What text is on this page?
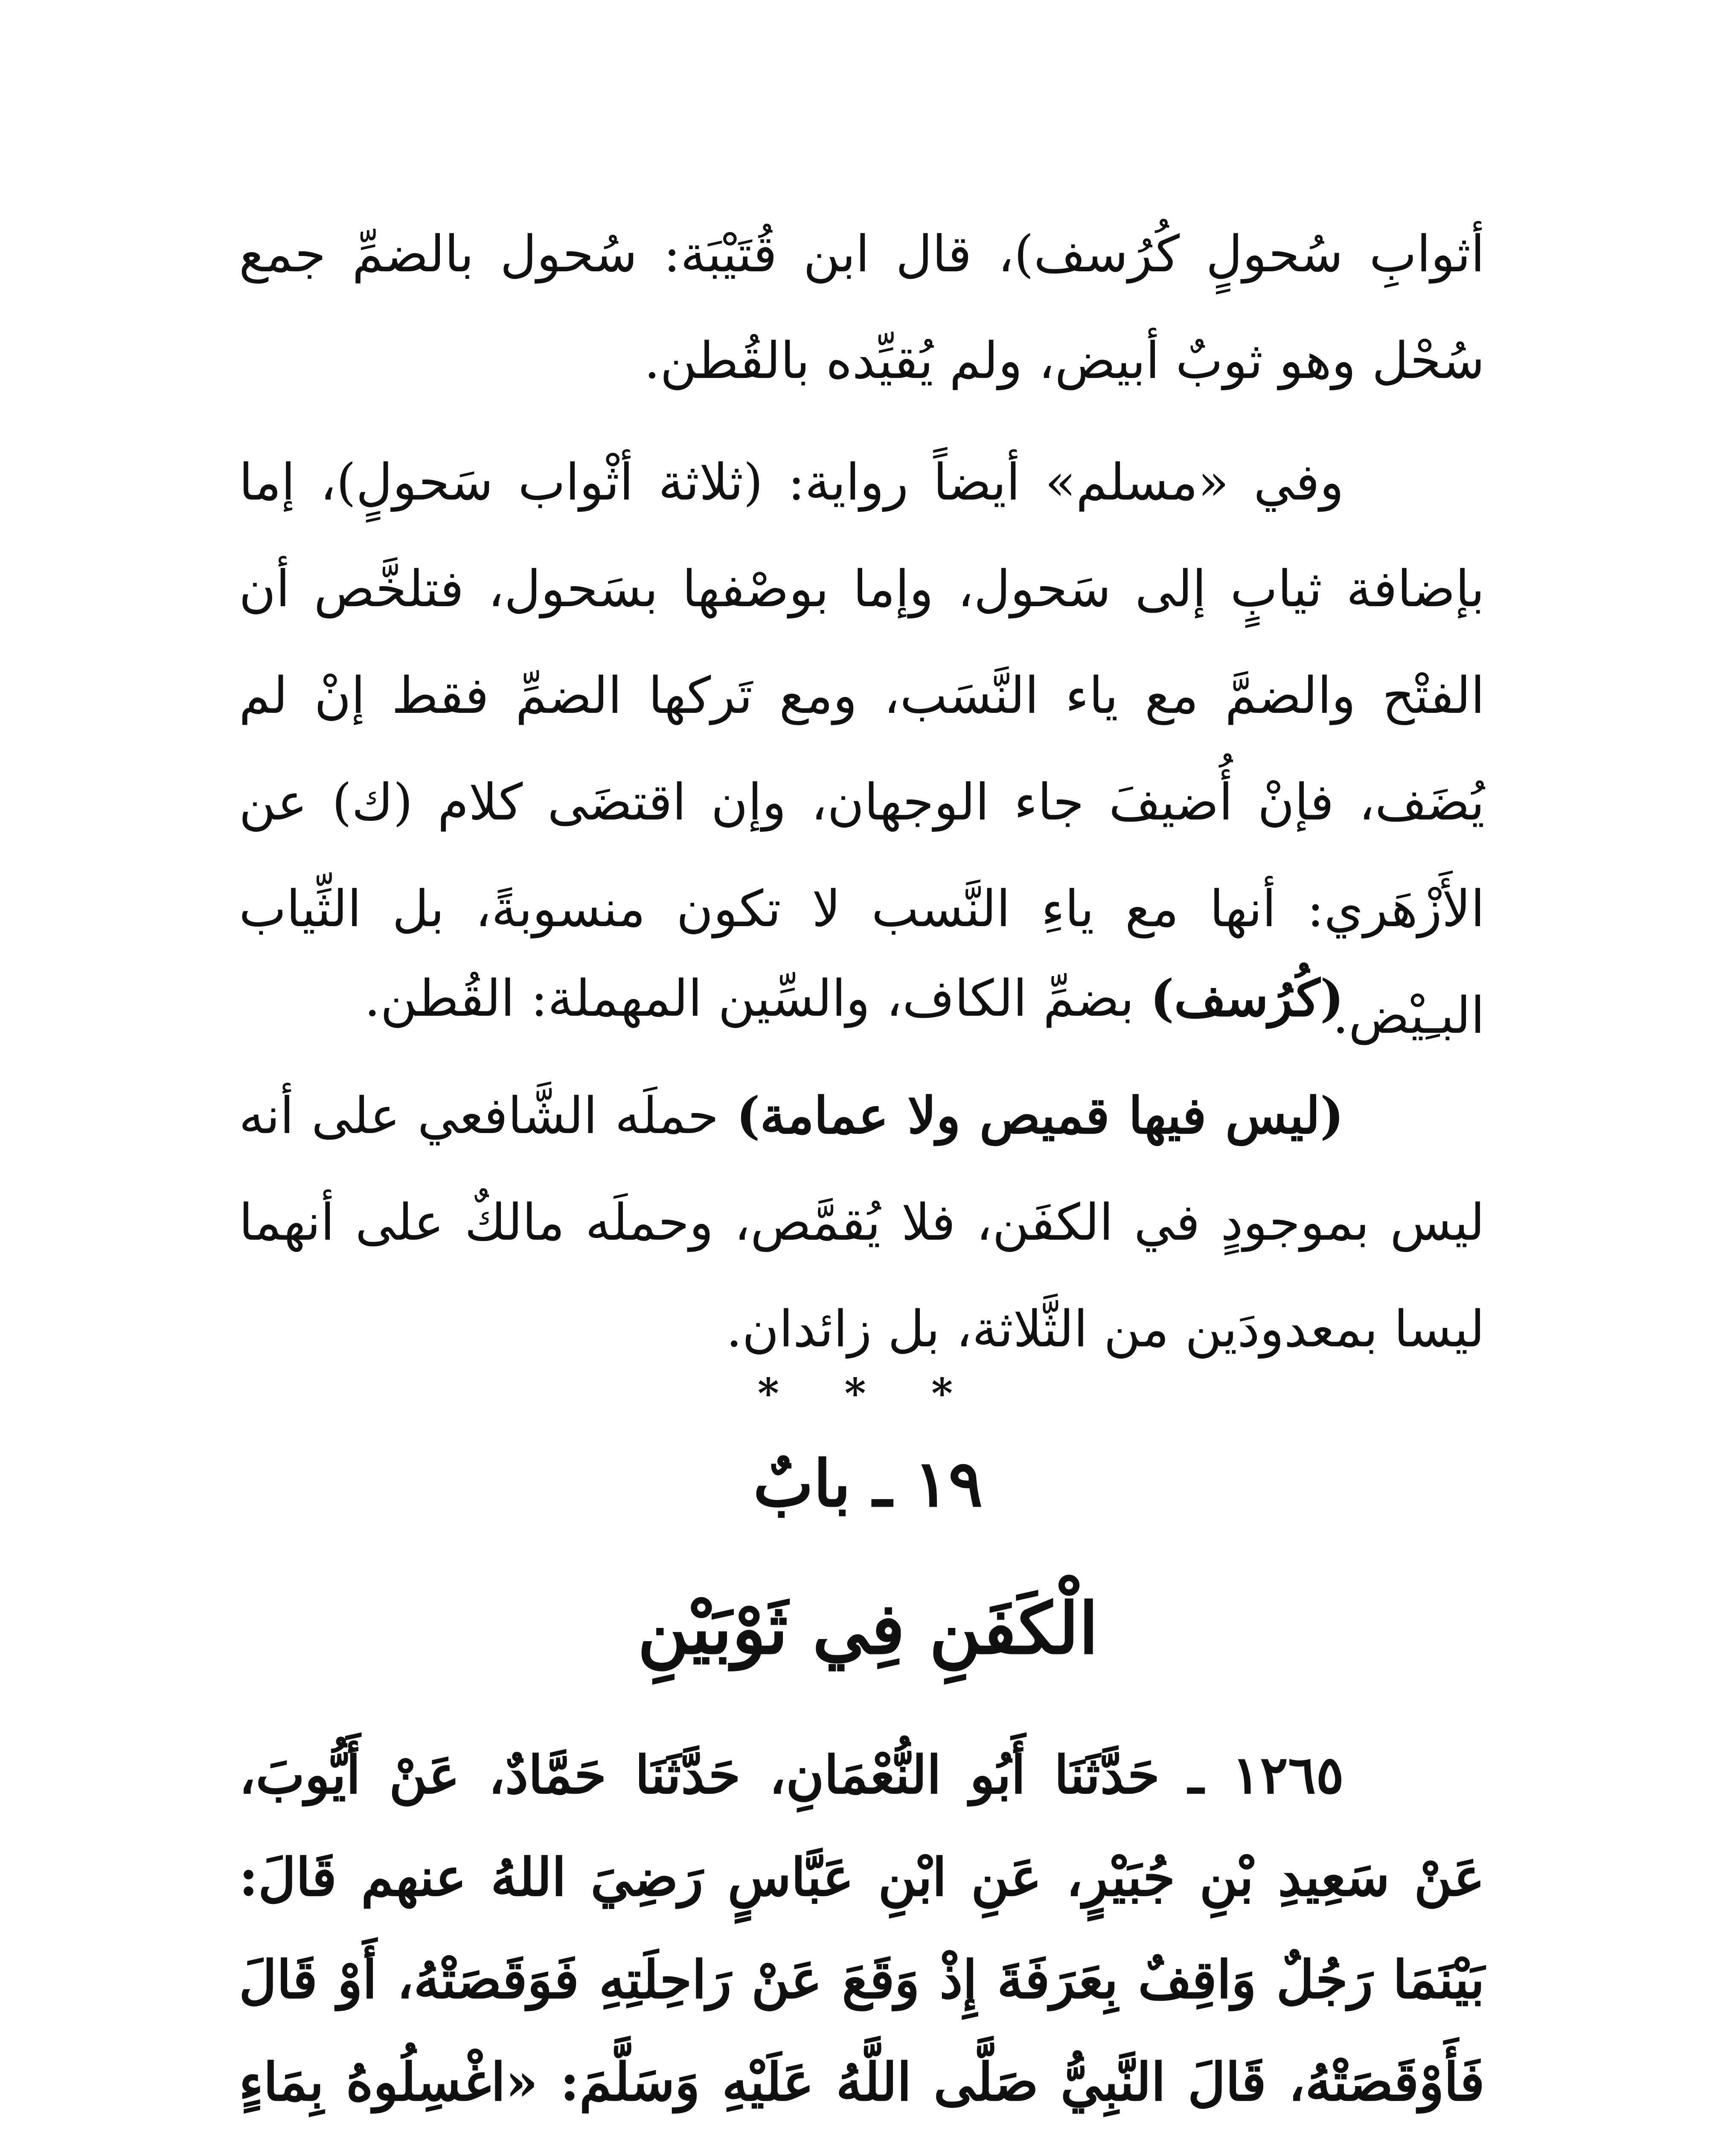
أثوابِ سُحولٍ كُرُسف)، قال ابن قُتَيْبَة: سُحول بالضمِّ جمع سُحْل وهو ثوبٌ أبيض، ولم يُقيِّده بالقُطن.

وفي «مسلم» أيضاً رواية: (ثلاثة أثْواب سَحولٍ)، إما بإضافة ثيابٍ إلى سَحول، وإما بوصْفها بسَحول، فتلخَّص أن الفتْح والضمَّ مع ياء النَّسَب، ومع تَركها الضمِّ فقط إنْ لم يُضَف، فإنْ أُضيفَ جاء الوجهان، وإن اقتضَى كلام (ك) عن الأَزْهَري: أنها مع ياءِ النَّسب لا تكون منسوبةً، بل الثِّياب البـِيْض.

(كُرُسف) بضمِّ الكاف، والسِّين المهملة: القُطن.

(ليس فيها قميص ولا عمامة) حملَه الشَّافعي على أنه ليس بموجودٍ في الكفَن، فلا يُقمَّص، وحملَه مالكٌ على أنهما ليسا بمعدودَين من الثَّلاثة، بل زائدان.

* * *
١٩ ـ بابٌ
الْكَفَنِ فِي ثَوْبَيْنِ
١٢٦٥ ـ حَدَّثَنَا أَبُو النُّعْمَانِ، حَدَّثَنَا حَمَّادٌ، عَنْ أَيُّوبَ، عَنْ سَعِيدِ بْنِ جُبَيْرٍ، عَنِ ابْنِ عَبَّاسٍ رَضِيَ اللهُ عنهم قَالَ: بَيْنَمَا رَجُلٌ وَاقِفٌ بِعَرَفَةَ إِذْ وَقَعَ عَنْ رَاحِلَتِهِ فَوَقَصَتْهُ، أَوْ قَالَ فَأَوْقَصَتْهُ، قَالَ النَّبِيُّ صَلَّى اللَّهُ عَلَيْهِ وَسَلَّمَ: «اغْسِلُوهُ بِمَاءٍ
